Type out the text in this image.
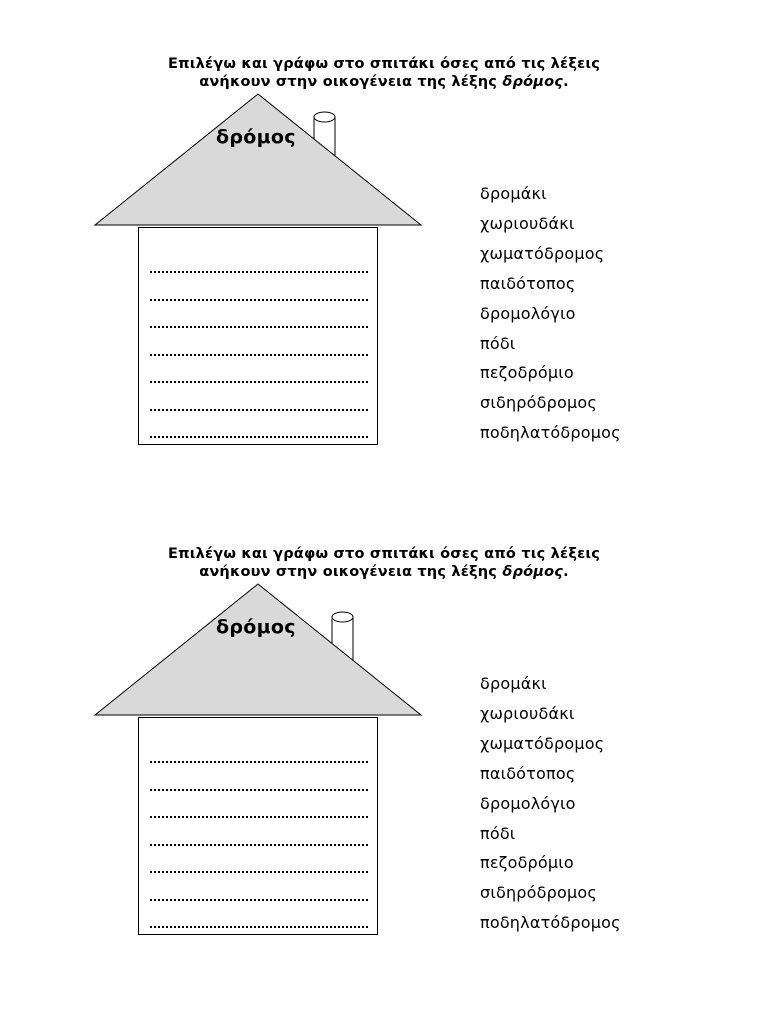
Επιλέγω και γράφω στο σπιτάκι όσες από τις λέξεις
ανήκουν στην οικογένεια της λέξης δρόμος.
δρόμος
δρομάκι
χωριουδάκι
χωματόδρομος
παιδότοπος
δρομολόγιο
πόδι
πεζοδρόμιο
σιδηρόδρομος
ποδηλατόδρομος
Επιλέγω και γράφω στο σπιτάκι όσες από τις λέξεις
ανήκουν στην οικογένεια της λέξης δρόμος.
δρόμος
δρομάκι
χωριουδάκι
χωματόδρομος
παιδότοπος
δρομολόγιο
πόδι
πεζοδρόμιο
σιδηρόδρομος
ποδηλατόδρομος
